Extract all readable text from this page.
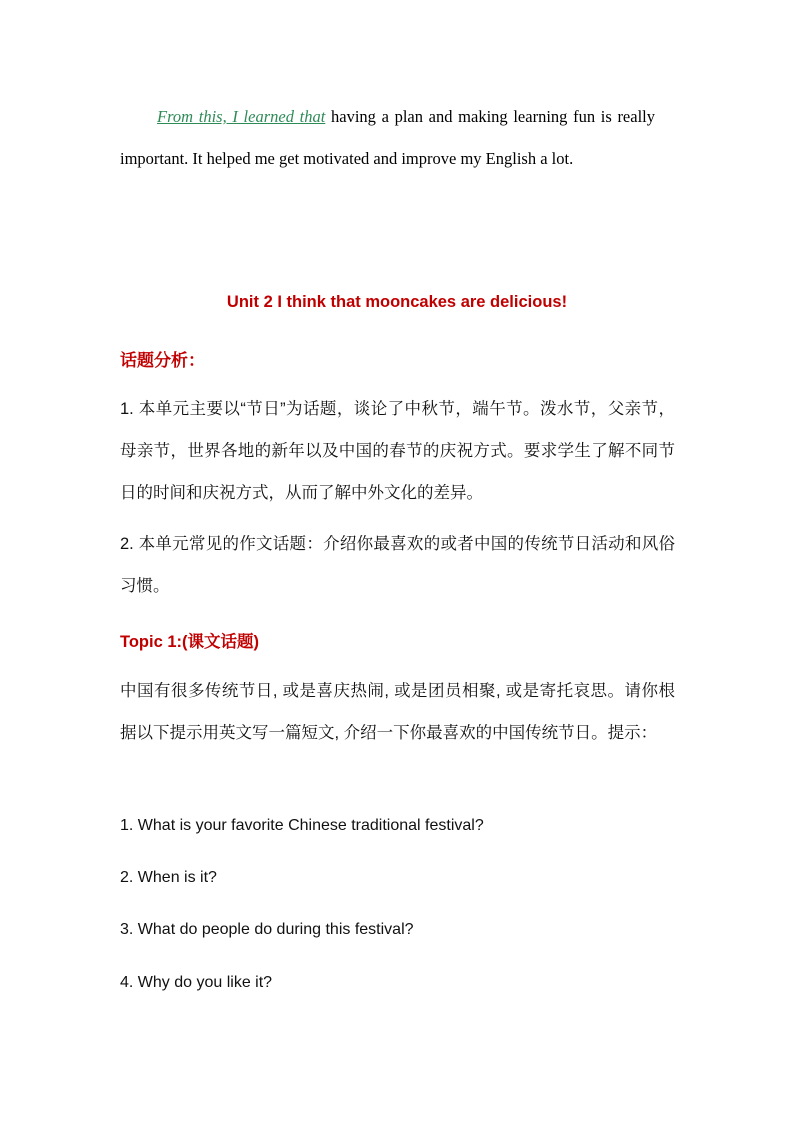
From this, I learned that having a plan and making learning fun is really important. It helped me get motivated and improve my English a lot.
Unit 2 I think that mooncakes are delicious!
话题分析：
1. 本单元主要以“节日”为话题，谈论了中秋节，端午节。泼水节，父亲节，母亲节，世界各地的新年以及中国的春节的庆祝方式。要求学生了解不同节日的时间和庆祝方式，从而了解中外文化的差异。
2. 本单元常见的作文话题：介绍你最喜欢的或者中国的传统节日活动和风俗习惯。
Topic 1:(课文话题)
中国有很多传统节日, 或是喜庆热闹, 或是团员相聚, 或是寄托哀思。请你根据以下提示用英文写一篇短文, 介绍一下你最喜欢的中国传统节日。提示：
1. What is your favorite Chinese traditional festival?
2. When is it?
3. What do people do during this festival?
4. Why do you like it?
